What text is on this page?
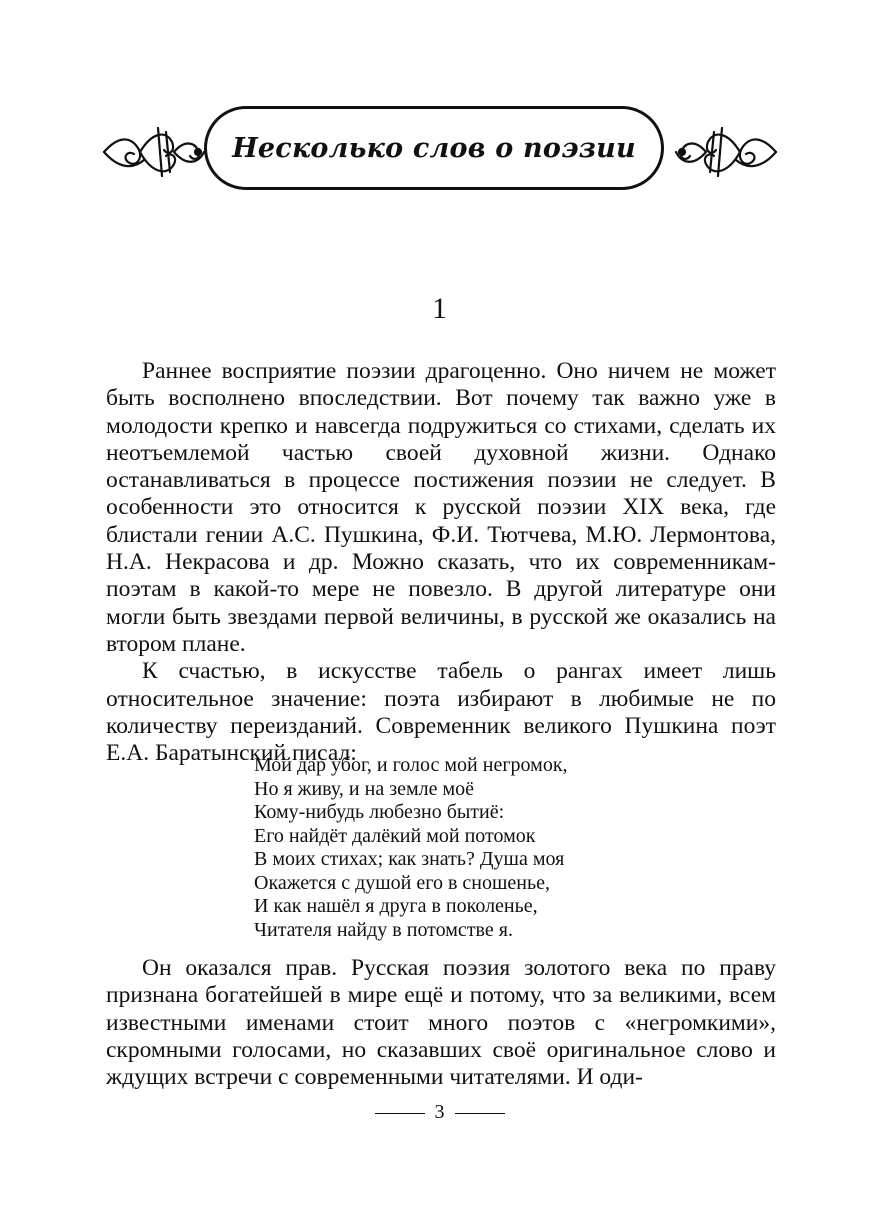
Несколько слов о поэзии
1

Раннее восприятие поэзии драгоценно. Оно ничем не может быть восполнено впоследствии. Вот почему так важно уже в молодости крепко и навсегда подружиться со стихами, сделать их неотъемлемой частью своей духовной жизни. Однако останавливаться в процессе постижения поэзии не следует. В особенности это относится к русской поэзии XIX века, где блистали гении А.С. Пушкина, Ф.И. Тютчева, М.Ю. Лермонтова, Н.А. Некрасова и др. Можно сказать, что их современникам-поэтам в какой-то мере не повезло. В другой литературе они могли быть звездами первой величины, в русской же оказались на втором плане.

К счастью, в искусстве табель о рангах имеет лишь относительное значение: поэта избирают в любимые не по количеству переизданий. Современник великого Пушкина поэт Е.А. Баратынский писал:

Мой дар убог, и голос мой негромок,
Но я живу, и на земле моё
Кому-нибудь любезно бытиё:
Его найдёт далёкий мой потомок
В моих стихах; как знать? Душа моя
Окажется с душой его в сношенье,
И как нашёл я друга в поколенье,
Читателя найду в потомстве я.

Он оказался прав. Русская поэзия золотого века по праву признана богатейшей в мире ещё и потому, что за великими, всем известными именами стоит много поэтов с «негромкими», скромными голосами, но сказавших своё оригинальное слово и ждущих встречи с современными читателями. И оди-

3
